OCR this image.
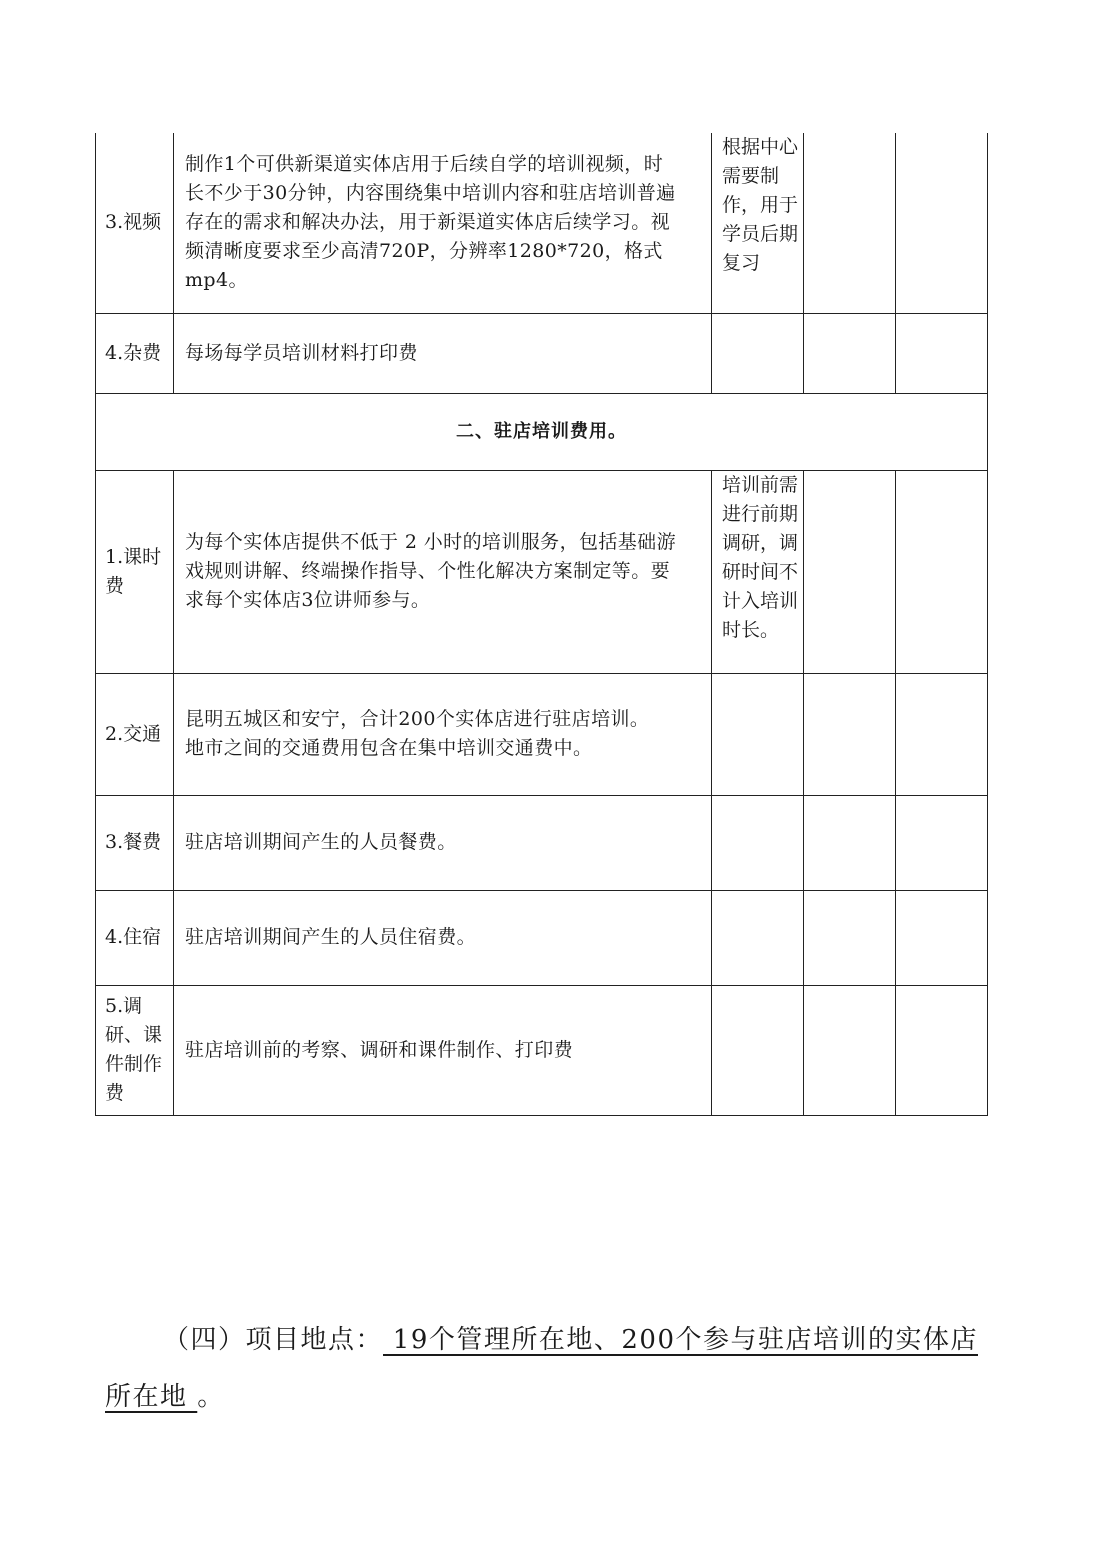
3.视频	制作1个可供新渠道实体店用于后续自学的培训视频，时
长不少于30分钟，内容围绕集中培训内容和驻店培训普遍
存在的需求和解决办法，用于新渠道实体店后续学习。视
频清晰度要求至少高清720P，分辨率1280*720，格式mp4。	根据中心需要制作，用于学员后期复习		
4.杂费	每场每学员培训材料打印费			

二、驻店培训费用。				
1.课时费	为每个实体店提供不低于 2 小时的培训服务，包括基础游
戏规则讲解、终端操作指导、个性化解决方案制定等。要
求每个实体店3位讲师参与。	培训前需进行前期调研，调研时间不计入培训时长。		
2.交通	昆明五城区和安宁，合计200个实体店进行驻店培训。
地市之间的交通费用包含在集中培训交通费中。			

3.餐费	驻店培训期间产生的人员餐费。			

4.住宿	驻店培训期间产生的人员住宿费。			

5.调研、课件制作费	驻店培训前的考察、调研和课件制作、打印费			

（四）项目地点： 19个管理所在地、200个参与驻店培训的实体店所在地 。
